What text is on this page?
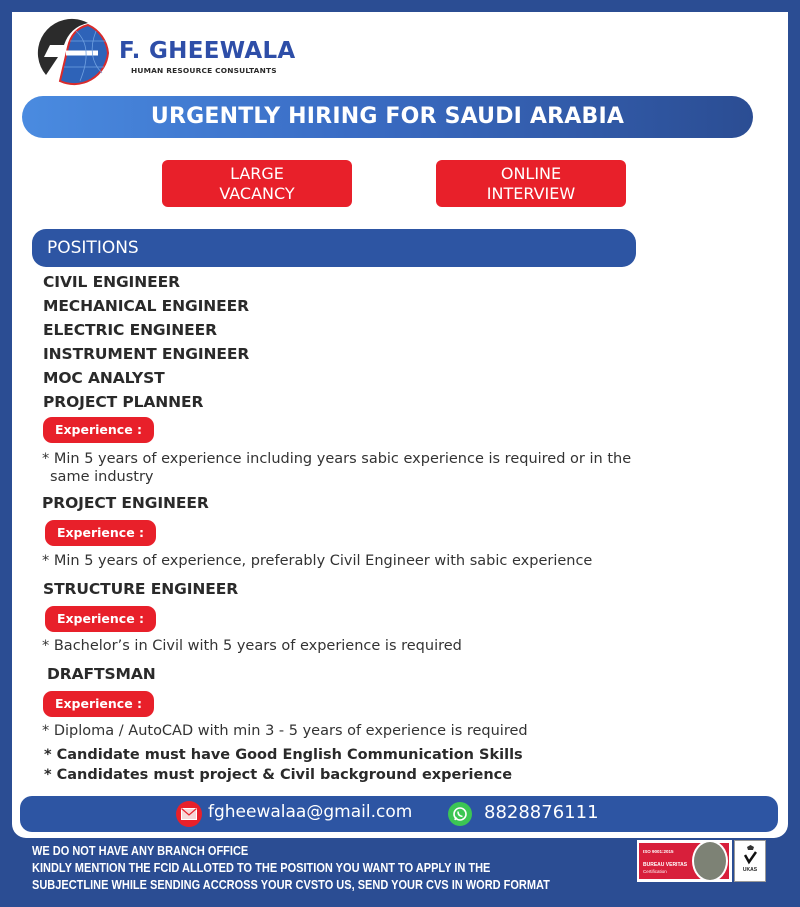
F. GHEEWALA
HUMAN RESOURCE CONSULTANTS
URGENTLY HIRING FOR SAUDI ARABIA
LARGE
VACANCY
ONLINE
INTERVIEW
POSITIONS
CIVIL ENGINEER
MECHANICAL ENGINEER
ELECTRIC ENGINEER
INSTRUMENT ENGINEER
MOC ANALYST
PROJECT PLANNER
Experience :
* Min 5 years of experience including years sabic experience is required or in the
same industry
PROJECT ENGINEER
Experience :
* Min 5 years of experience, preferably Civil Engineer with sabic experience
STRUCTURE ENGINEER
Experience :
* Bachelor’s in Civil with 5 years of experience is required
DRAFTSMAN
Experience :
* Diploma / AutoCAD with min 3 - 5 years of experience is required
* Candidate must have Good English Communication Skills
* Candidates must project & Civil background experience
fgheewalaa@gmail.com	8828876111
WE DO NOT HAVE ANY BRANCH OFFICE
KINDLY MENTION THE FCID ALLOTED TO THE POSITION YOU WANT TO APPLY IN THE
SUBJECTLINE WHILE SENDING ACCROSS YOUR CVSTO US, SEND YOUR CVS IN WORD FORMAT
ISO 9001:2015
BUREAU VERITAS
Certification	UKAS
